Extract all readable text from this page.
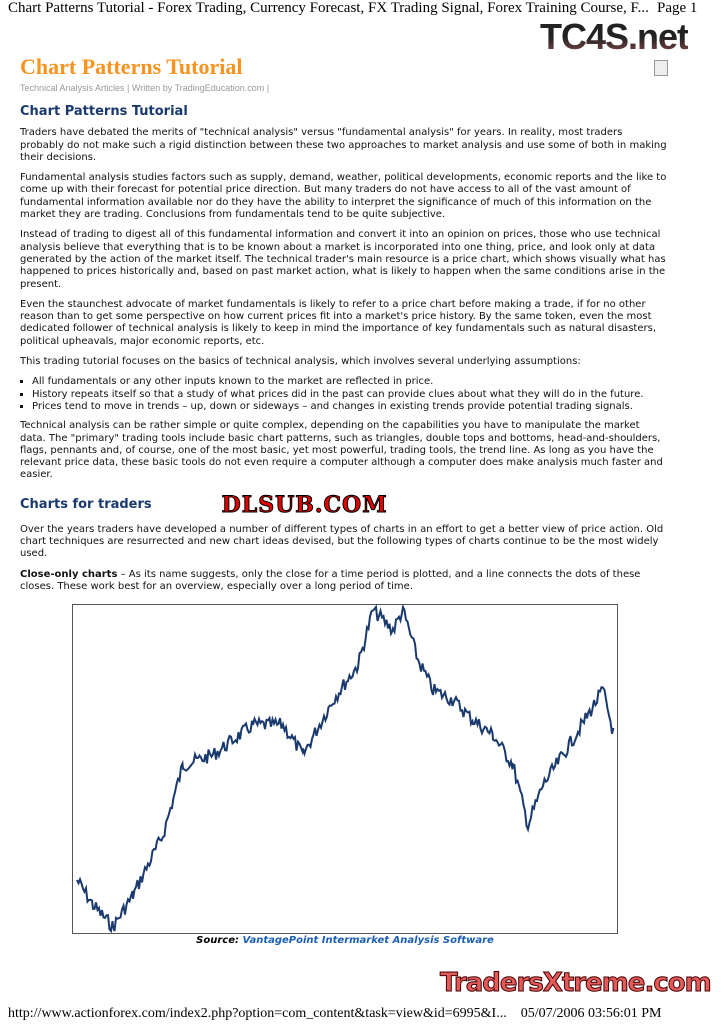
Chart Patterns Tutorial - Forex Trading, Currency Forecast, FX Trading Signal, Forex Training Course, F... Page 1
TC4S.net
Chart Patterns Tutorial
Technical Analysis Articles | Written by TradingEducation.com |
Chart Patterns Tutorial

Traders have debated the merits of "technical analysis" versus "fundamental analysis" for years. In reality, most traders probably do not make such a rigid distinction between these two approaches to market analysis and use some of both in making their decisions.

Fundamental analysis studies factors such as supply, demand, weather, political developments, economic reports and the like to come up with their forecast for potential price direction. But many traders do not have access to all of the vast amount of fundamental information available nor do they have the ability to interpret the significance of much of this information on the market they are trading. Conclusions from fundamentals tend to be quite subjective.

Instead of trading to digest all of this fundamental information and convert it into an opinion on prices, those who use technical analysis believe that everything that is to be known about a market is incorporated into one thing, price, and look only at data generated by the action of the market itself. The technical trader's main resource is a price chart, which shows visually what has happened to prices historically and, based on past market action, what is likely to happen when the same conditions arise in the present.

Even the staunchest advocate of market fundamentals is likely to refer to a price chart before making a trade, if for no other reason than to get some perspective on how current prices fit into a market's price history. By the same token, even the most dedicated follower of technical analysis is likely to keep in mind the importance of key fundamentals such as natural disasters, political upheavals, major economic reports, etc.

This trading tutorial focuses on the basics of technical analysis, which involves several underlying assumptions:

▪ All fundamentals or any other inputs known to the market are reflected in price.
▪ History repeats itself so that a study of what prices did in the past can provide clues about what they will do in the future.
▪ Prices tend to move in trends – up, down or sideways – and changes in existing trends provide potential trading signals.

Technical analysis can be rather simple or quite complex, depending on the capabilities you have to manipulate the market data. The "primary" trading tools include basic chart patterns, such as triangles, double tops and bottoms, head-and-shoulders, flags, pennants and, of course, one of the most basic, yet most powerful, trading tools, the trend line. As long as you have the relevant price data, these basic tools do not even require a computer although a computer does make analysis much faster and easier.

Charts for traders	DLSUB.COM

Over the years traders have developed a number of different types of charts in an effort to get a better view of price action. Old chart techniques are resurrected and new chart ideas devised, but the following types of charts continue to be the most widely used.

Close-only charts – As its name suggests, only the close for a time period is plotted, and a line connects the dots of these closes. These work best for an overview, especially over a long period of time.

Source: VantagePoint Intermarket Analysis Software
TradersXtreme.com
http://www.actionforex.com/index2.php?option=com_content&task=view&id=6995&I... 05/07/2006 03:56:01 PM
